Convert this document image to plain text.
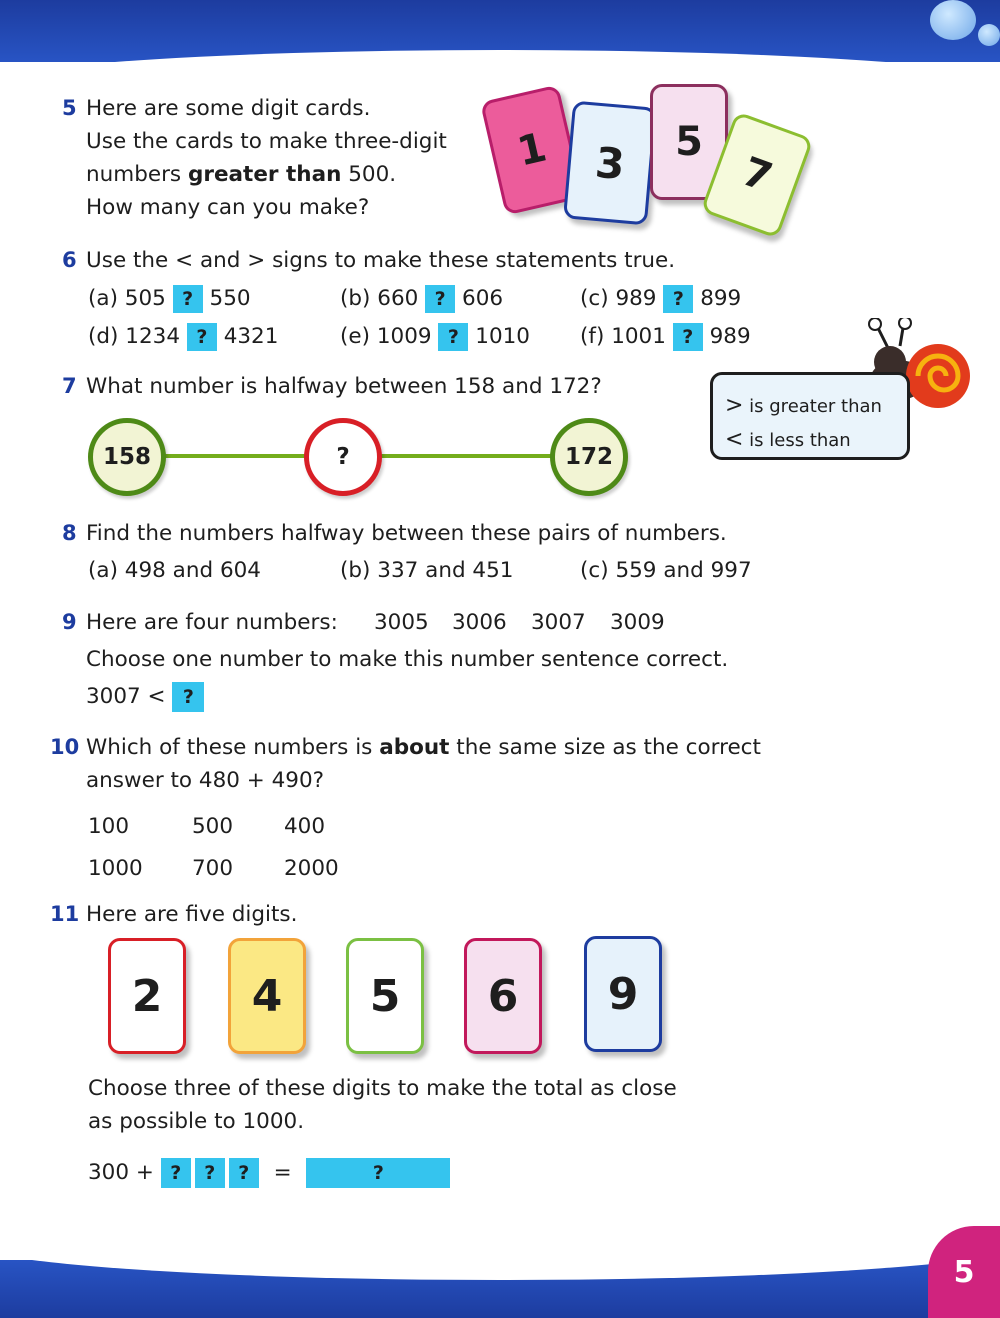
5
5 Here are some digit cards.
Use the cards to make three-digit
numbers greater than 500.
How many can you make?
1	3	5
7
6 Use the < and > signs to make these statements true.
(a) 505 ? 550	(b) 660 ? 606	(c) 989 ? 899
(d) 1234 ? 4321	(e) 1009 ? 1010 (f) 1001 ? 989
7 What number is halfway between 158 and 172?
158	?	172
> is greater than
< is less than
8 Find the numbers halfway between these pairs of numbers.
(a) 498 and 604	(b) 337 and 451	(c) 559 and 997
9 Here are four numbers: 3005 3006 3007 3009
Choose one number to make this number sentence correct.
3007 < ?
10 Which of these numbers is about the same size as the correct
answer to 480 + 490?
100	500 400
1000 700 2000
11 Here are five digits.
2	4	5	6	9
Choose three of these digits to make the total as close
as possible to 1000.
300 + ? ? ? =	?
